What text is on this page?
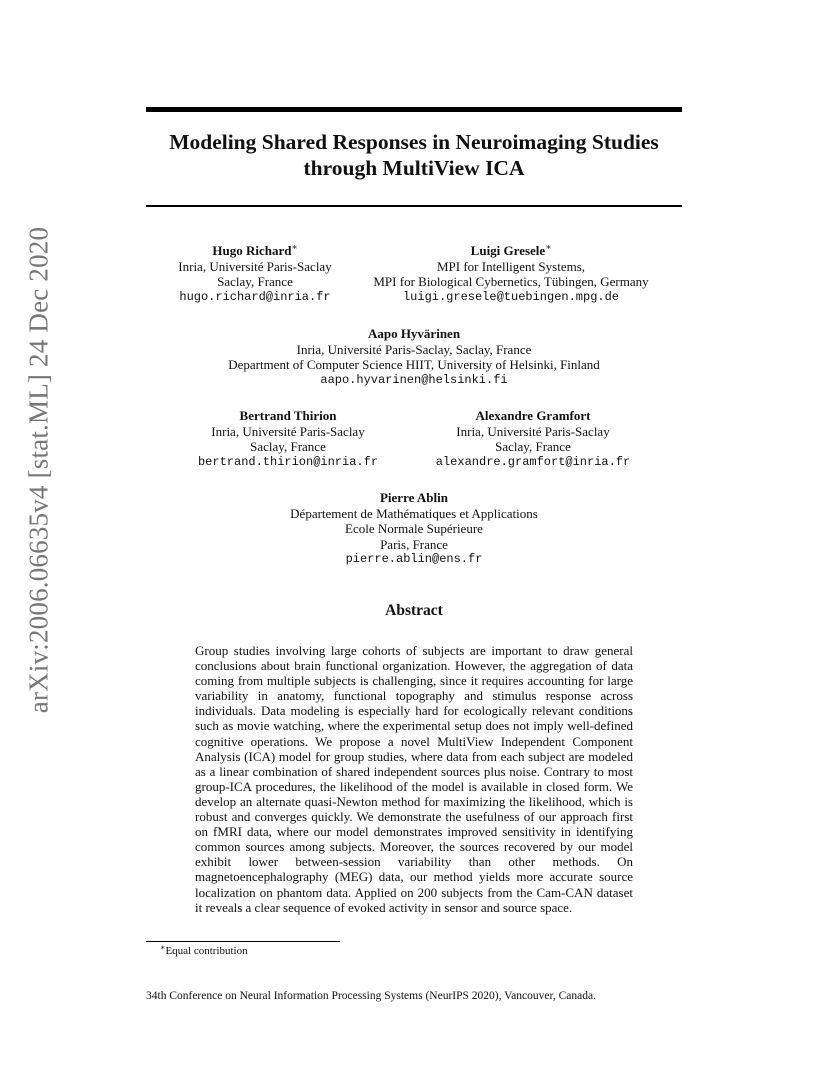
arXiv:2006.06635v4 [stat.ML] 24 Dec 2020
Modeling Shared Responses in Neuroimaging Studies
through MultiView ICA
Hugo Richard∗
Inria, Université Paris-Saclay
Saclay, France
hugo.richard@inria.fr
Luigi Gresele∗
MPI for Intelligent Systems,
MPI for Biological Cybernetics, Tübingen, Germany
luigi.gresele@tuebingen.mpg.de
Aapo Hyvärinen
Inria, Université Paris-Saclay, Saclay, France
Department of Computer Science HIIT, University of Helsinki, Finland
aapo.hyvarinen@helsinki.fi
Bertrand Thirion
Inria, Université Paris-Saclay
Saclay, France
bertrand.thirion@inria.fr
Alexandre Gramfort
Inria, Université Paris-Saclay
Saclay, France
alexandre.gramfort@inria.fr
Pierre Ablin
Département de Mathématiques et Applications
Ecole Normale Supérieure
Paris, France
pierre.ablin@ens.fr
Abstract

Group studies involving large cohorts of subjects are important to draw general conclusions about brain functional organization. However, the aggregation of data coming from multiple subjects is challenging, since it requires accounting for large variability in anatomy, functional topography and stimulus response across individuals. Data modeling is especially hard for ecologically relevant conditions such as movie watching, where the experimental setup does not imply well-defined cognitive operations. We propose a novel MultiView Independent Component Analysis (ICA) model for group studies, where data from each subject are modeled as a linear combination of shared independent sources plus noise. Contrary to most group-ICA procedures, the likelihood of the model is available in closed form. We develop an alternate quasi-Newton method for maximizing the likelihood, which is robust and converges quickly. We demonstrate the usefulness of our approach first on fMRI data, where our model demonstrates improved sensitivity in identifying common sources among subjects. Moreover, the sources recovered by our model exhibit lower between-session variability than other methods. On magnetoencephalography (MEG) data, our method yields more accurate source localization on phantom data. Applied on 200 subjects from the Cam-CAN dataset it reveals a clear sequence of evoked activity in sensor and source space.

∗Equal contribution
34th Conference on Neural Information Processing Systems (NeurIPS 2020), Vancouver, Canada.
